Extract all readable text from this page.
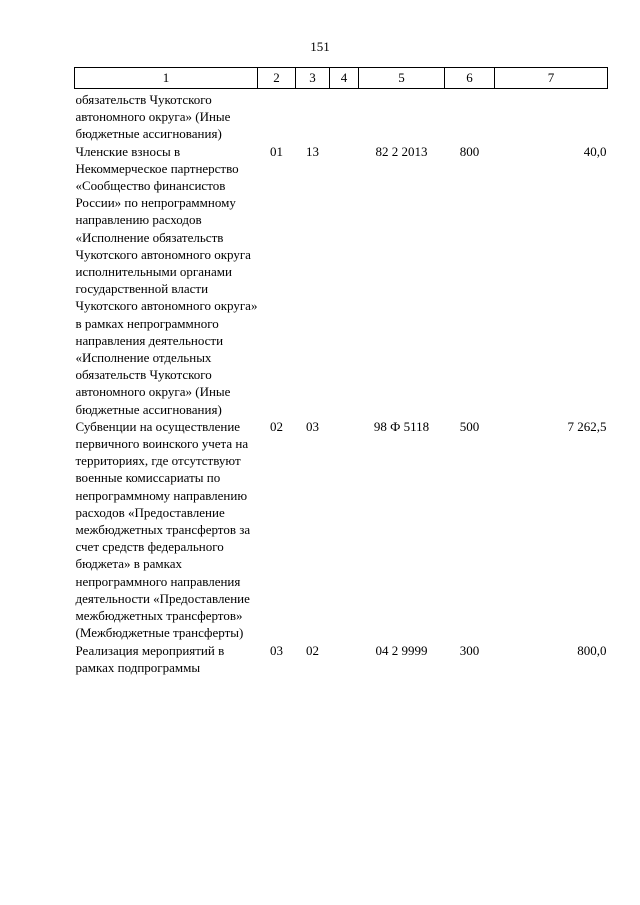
151
1	2	3	4	5	6	7
обязательств Чукотского автономного округа» (Иные бюджетные ассигнования)						
Членские взносы в Некоммерческое партнерство «Сообщество финансистов России» по непрограммному направлению расходов «Исполнение обязательств Чукотского автономного округа исполнительными органами государственной власти Чукотского автономного округа» в рамках непрограммного направления деятельности «Исполнение отдельных обязательств Чукотского автономного округа» (Иные бюджетные ассигнования)	01	13		82 2 2013	800	40,0
Субвенции на осуществление первичного воинского учета на территориях, где отсутствуют военные комиссариаты по непрограммному направлению расходов «Предоставление межбюджетных трансфертов за счет средств федерального бюджета» в рамках непрограммного направления деятельности «Предоставление межбюджетных трансфертов» (Межбюджетные трансферты)	02	03		98 Ф 5118	500	7 262,5
Реализация мероприятий в рамках подпрограммы	03	02		04 2 9999	300	800,0
